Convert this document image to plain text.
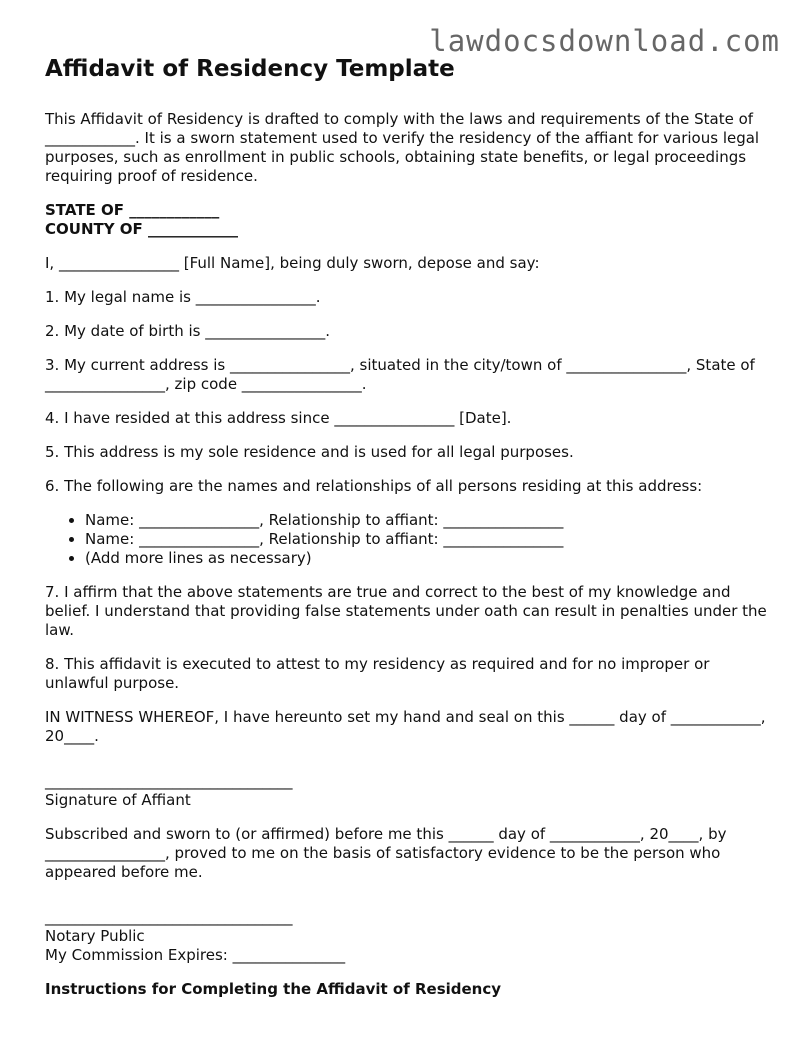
lawdocsdownload.com
Affidavit of Residency Template

This Affidavit of Residency is drafted to comply with the laws and requirements of the State of ____________. It is a sworn statement used to verify the residency of the affiant for various legal purposes, such as enrollment in public schools, obtaining state benefits, or legal proceedings requiring proof of residence.

STATE OF ____________
COUNTY OF ____________

I, ________________ [Full Name], being duly sworn, depose and say:

1. My legal name is ________________.

2. My date of birth is ________________.

3. My current address is ________________, situated in the city/town of ________________, State of ________________, zip code ________________.

4. I have resided at this address since ________________ [Date].

5. This address is my sole residence and is used for all legal purposes.

6. The following are the names and relationships of all persons residing at this address:

• Name: ________________, Relationship to affiant: ________________
• Name: ________________, Relationship to affiant: ________________
• (Add more lines as necessary)

7. I affirm that the above statements are true and correct to the best of my knowledge and belief. I understand that providing false statements under oath can result in penalties under the law.

8. This affidavit is executed to attest to my residency as required and for no improper or unlawful purpose.

IN WITNESS WHEREOF, I have hereunto set my hand and seal on this ______ day of ____________, 20____.

_________________________________
Signature of Affiant

Subscribed and sworn to (or affirmed) before me this ______ day of ____________, 20____, by ________________, proved to me on the basis of satisfactory evidence to be the person who appeared before me.

_________________________________
Notary Public
My Commission Expires: _______________

Instructions for Completing the Affidavit of Residency
